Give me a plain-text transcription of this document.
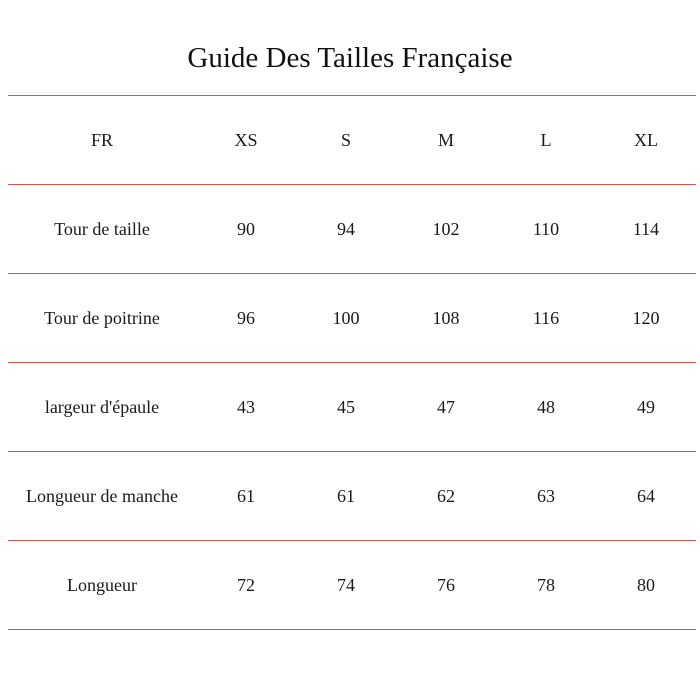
Guide Des Tailles Française
FR	XS	S	M	L	XL
Tour de taille	90	94	102	110	114
Tour de poitrine	96	100	108	116	120
largeur d'épaule	43	45	47	48	49
Longueur de manche	61	61	62	63	64
Longueur	72	74	76	78	80
